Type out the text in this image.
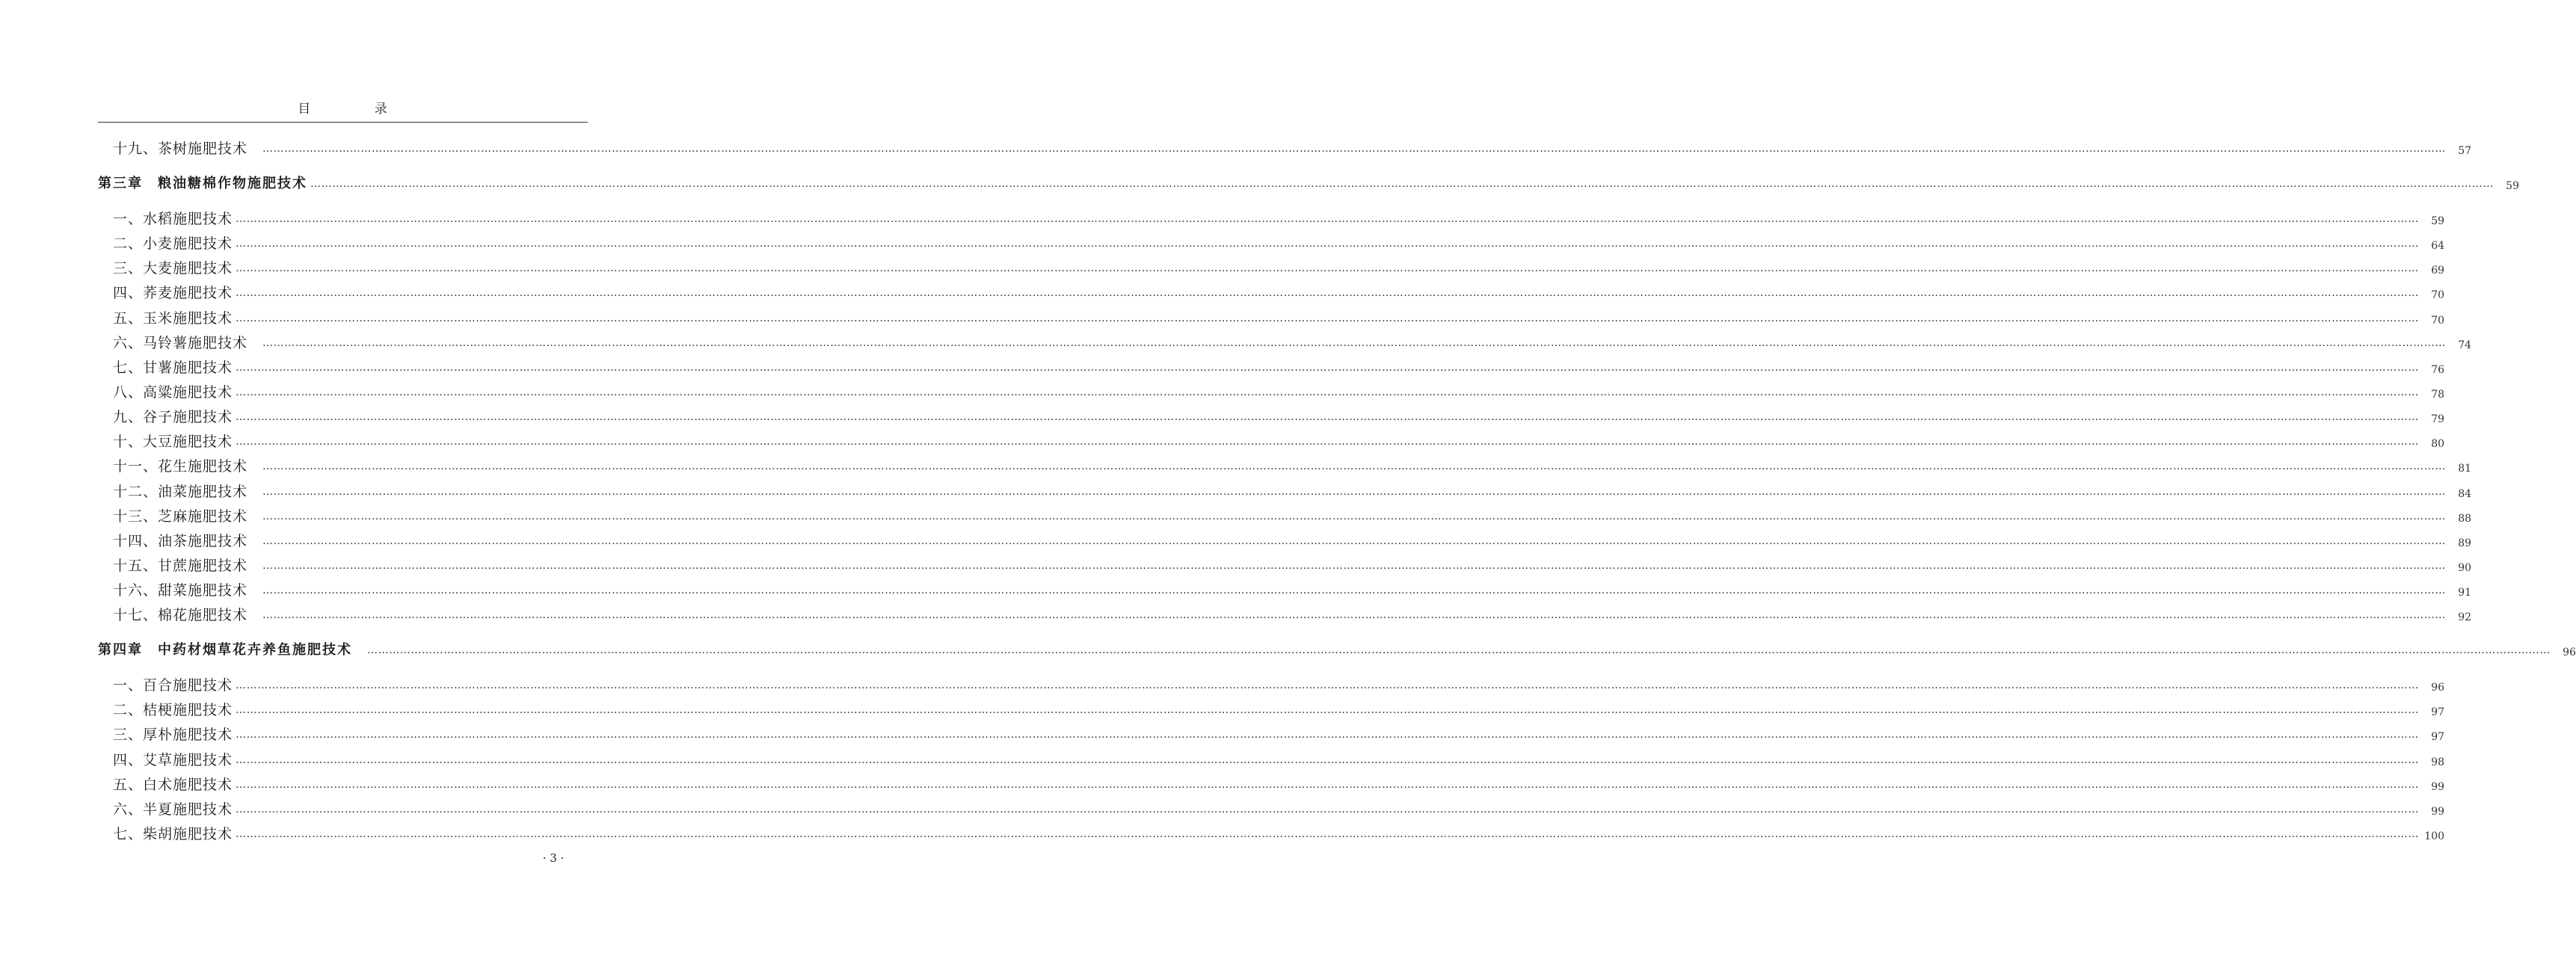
目 录
十九、茶树施肥技术 ……………………………………………………………………………………………………………………………………………………………………………………………………………………………………………………………………………………………………………………………………………………………………………………………………………………………………………………………………………………………………………………………………………………	57
第三章　粮油糖棉作物施肥技术 ……………………………………………………………………………………………………………………………………………………………………………………………………………………………………………………………………………………………………………………………………………………………………………………………………………………………………………………………………………………………………………………………………………………	59
一、水稻施肥技术 ……………………………………………………………………………………………………………………………………………………………………………………………………………………………………………………………………………………………………………………………………………………………………………………………………………………………………………………………………………………………………………………………………………………	59
二、小麦施肥技术 ……………………………………………………………………………………………………………………………………………………………………………………………………………………………………………………………………………………………………………………………………………………………………………………………………………………………………………………………………………………………………………………………………………………	64
三、大麦施肥技术 ……………………………………………………………………………………………………………………………………………………………………………………………………………………………………………………………………………………………………………………………………………………………………………………………………………………………………………………………………………………………………………………………………………………	69
四、荞麦施肥技术 ……………………………………………………………………………………………………………………………………………………………………………………………………………………………………………………………………………………………………………………………………………………………………………………………………………………………………………………………………………………………………………………………………………………	70
五、玉米施肥技术 ……………………………………………………………………………………………………………………………………………………………………………………………………………………………………………………………………………………………………………………………………………………………………………………………………………………………………………………………………………………………………………………………………………………	70
六、马铃薯施肥技术 ……………………………………………………………………………………………………………………………………………………………………………………………………………………………………………………………………………………………………………………………………………………………………………………………………………………………………………………………………………………………………………………………………………………	74
七、甘薯施肥技术 ……………………………………………………………………………………………………………………………………………………………………………………………………………………………………………………………………………………………………………………………………………………………………………………………………………………………………………………………………………………………………………………………………………………	76
八、高粱施肥技术 ……………………………………………………………………………………………………………………………………………………………………………………………………………………………………………………………………………………………………………………………………………………………………………………………………………………………………………………………………………………………………………………………………………………	78
九、谷子施肥技术 ……………………………………………………………………………………………………………………………………………………………………………………………………………………………………………………………………………………………………………………………………………………………………………………………………………………………………………………………………………………………………………………………………………………	79
十、大豆施肥技术 ……………………………………………………………………………………………………………………………………………………………………………………………………………………………………………………………………………………………………………………………………………………………………………………………………………………………………………………………………………………………………………………………………………………	80
十一、花生施肥技术 ……………………………………………………………………………………………………………………………………………………………………………………………………………………………………………………………………………………………………………………………………………………………………………………………………………………………………………………………………………………………………………………………………………………	81
十二、油菜施肥技术 ……………………………………………………………………………………………………………………………………………………………………………………………………………………………………………………………………………………………………………………………………………………………………………………………………………………………………………………………………………………………………………………………………………………	84
十三、芝麻施肥技术 ……………………………………………………………………………………………………………………………………………………………………………………………………………………………………………………………………………………………………………………………………………………………………………………………………………………………………………………………………………………………………………………………………………………	88
十四、油茶施肥技术 ……………………………………………………………………………………………………………………………………………………………………………………………………………………………………………………………………………………………………………………………………………………………………………………………………………………………………………………………………………………………………………………………………………………	89
十五、甘蔗施肥技术 ……………………………………………………………………………………………………………………………………………………………………………………………………………………………………………………………………………………………………………………………………………………………………………………………………………………………………………………………………………………………………………………………………………………	90
十六、甜菜施肥技术 ……………………………………………………………………………………………………………………………………………………………………………………………………………………………………………………………………………………………………………………………………………………………………………………………………………………………………………………………………………………………………………………………………………………	91
十七、棉花施肥技术 ……………………………………………………………………………………………………………………………………………………………………………………………………………………………………………………………………………………………………………………………………………………………………………………………………………………………………………………………………………………………………………………………………………………	92
第四章　中药材烟草花卉养鱼施肥技术 ……………………………………………………………………………………………………………………………………………………………………………………………………………………………………………………………………………………………………………………………………………………………………………………………………………………………………………………………………………………………………………………………………………………	96
一、百合施肥技术 ……………………………………………………………………………………………………………………………………………………………………………………………………………………………………………………………………………………………………………………………………………………………………………………………………………………………………………………………………………………………………………………………………………………	96
二、桔梗施肥技术 ……………………………………………………………………………………………………………………………………………………………………………………………………………………………………………………………………………………………………………………………………………………………………………………………………………………………………………………………………………………………………………………………………………………	97
三、厚朴施肥技术 ……………………………………………………………………………………………………………………………………………………………………………………………………………………………………………………………………………………………………………………………………………………………………………………………………………………………………………………………………………………………………………………………………………………	97
四、艾草施肥技术 ……………………………………………………………………………………………………………………………………………………………………………………………………………………………………………………………………………………………………………………………………………………………………………………………………………………………………………………………………………………………………………………………………………………	98
五、白术施肥技术 ……………………………………………………………………………………………………………………………………………………………………………………………………………………………………………………………………………………………………………………………………………………………………………………………………………………………………………………………………………………………………………………………………………………	99
六、半夏施肥技术 ……………………………………………………………………………………………………………………………………………………………………………………………………………………………………………………………………………………………………………………………………………………………………………………………………………………………………………………………………………………………………………………………………………………	99
七、柴胡施肥技术 …………………………………………………………………………………………………………………………………………………………………………………………………………………………………………………………………………………………………………………………………………………………………………………………………………………………………………………………………………………………………………………………………………………… 100
· 3 ·
